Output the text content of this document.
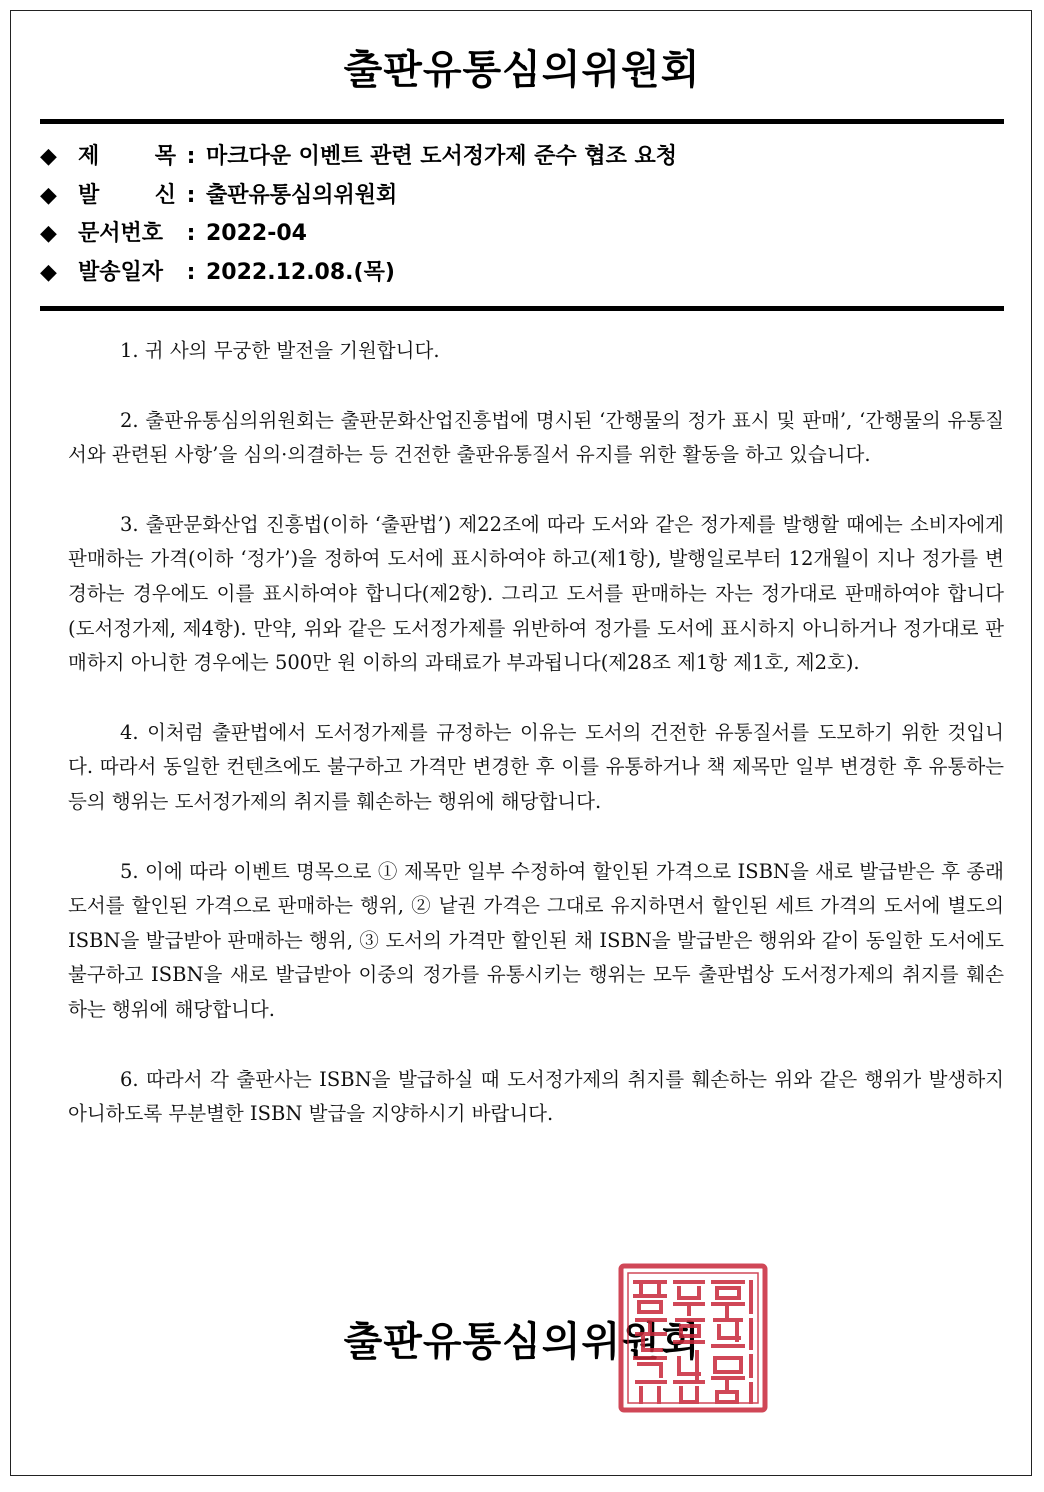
출판유통심의위원회
◆ 제 목 : 마크다운 이벤트 관련 도서정가제 준수 협조 요청
◆ 발 신 : 출판유통심의위원회
◆ 문서번호	: 2022-04
◆ 발송일자	: 2022.12.08.(목)

1. 귀 사의 무궁한 발전을 기원합니다.

2. 출판유통심의위원회는 출판문화산업진흥법에 명시된 ‘간행물의 정가 표시 및 판매’, ‘간행물의 유통질서와 관련된 사항’을 심의·의결하는 등 건전한 출판유통질서 유지를 위한 활동을 하고 있습니다.

3. 출판문화산업 진흥법(이하 ‘출판법’) 제22조에 따라 도서와 같은 정가제를 발행할 때에는 소비자에게 판매하는 가격(이하 ‘정가’)을 정하여 도서에 표시하여야 하고(제1항), 발행일로부터 12개월이 지나 정가를 변경하는 경우에도 이를 표시하여야 합니다(제2항). 그리고 도서를 판매하는 자는 정가대로 판매하여야 합니다(도서정가제, 제4항). 만약, 위와 같은 도서정가제를 위반하여 정가를 도서에 표시하지 아니하거나 정가대로 판매하지 아니한 경우에는 500만 원 이하의 과태료가 부과됩니다(제28조 제1항 제1호, 제2호).

4. 이처럼 출판법에서 도서정가제를 규정하는 이유는 도서의 건전한 유통질서를 도모하기 위한 것입니다. 따라서 동일한 컨텐츠에도 불구하고 가격만 변경한 후 이를 유통하거나 책 제목만 일부 변경한 후 유통하는 등의 행위는 도서정가제의 취지를 훼손하는 행위에 해당합니다.

5. 이에 따라 이벤트 명목으로 ① 제목만 일부 수정하여 할인된 가격으로 ISBN을 새로 발급받은 후 종래 도서를 할인된 가격으로 판매하는 행위, ② 낱권 가격은 그대로 유지하면서 할인된 세트 가격의 도서에 별도의 ISBN을 발급받아 판매하는 행위, ③ 도서의 가격만 할인된 채 ISBN을 발급받은 행위와 같이 동일한 도서에도 불구하고 ISBN을 새로 발급받아 이중의 정가를 유통시키는 행위는 모두 출판법상 도서정가제의 취지를 훼손하는 행위에 해당합니다.

6. 따라서 각 출판사는 ISBN을 발급하실 때 도서정가제의 취지를 훼손하는 위와 같은 행위가 발생하지 아니하도록 무분별한 ISBN 발급을 지양하시기 바랍니다.

출판유통심의위원회
출판유통심의위원회인
